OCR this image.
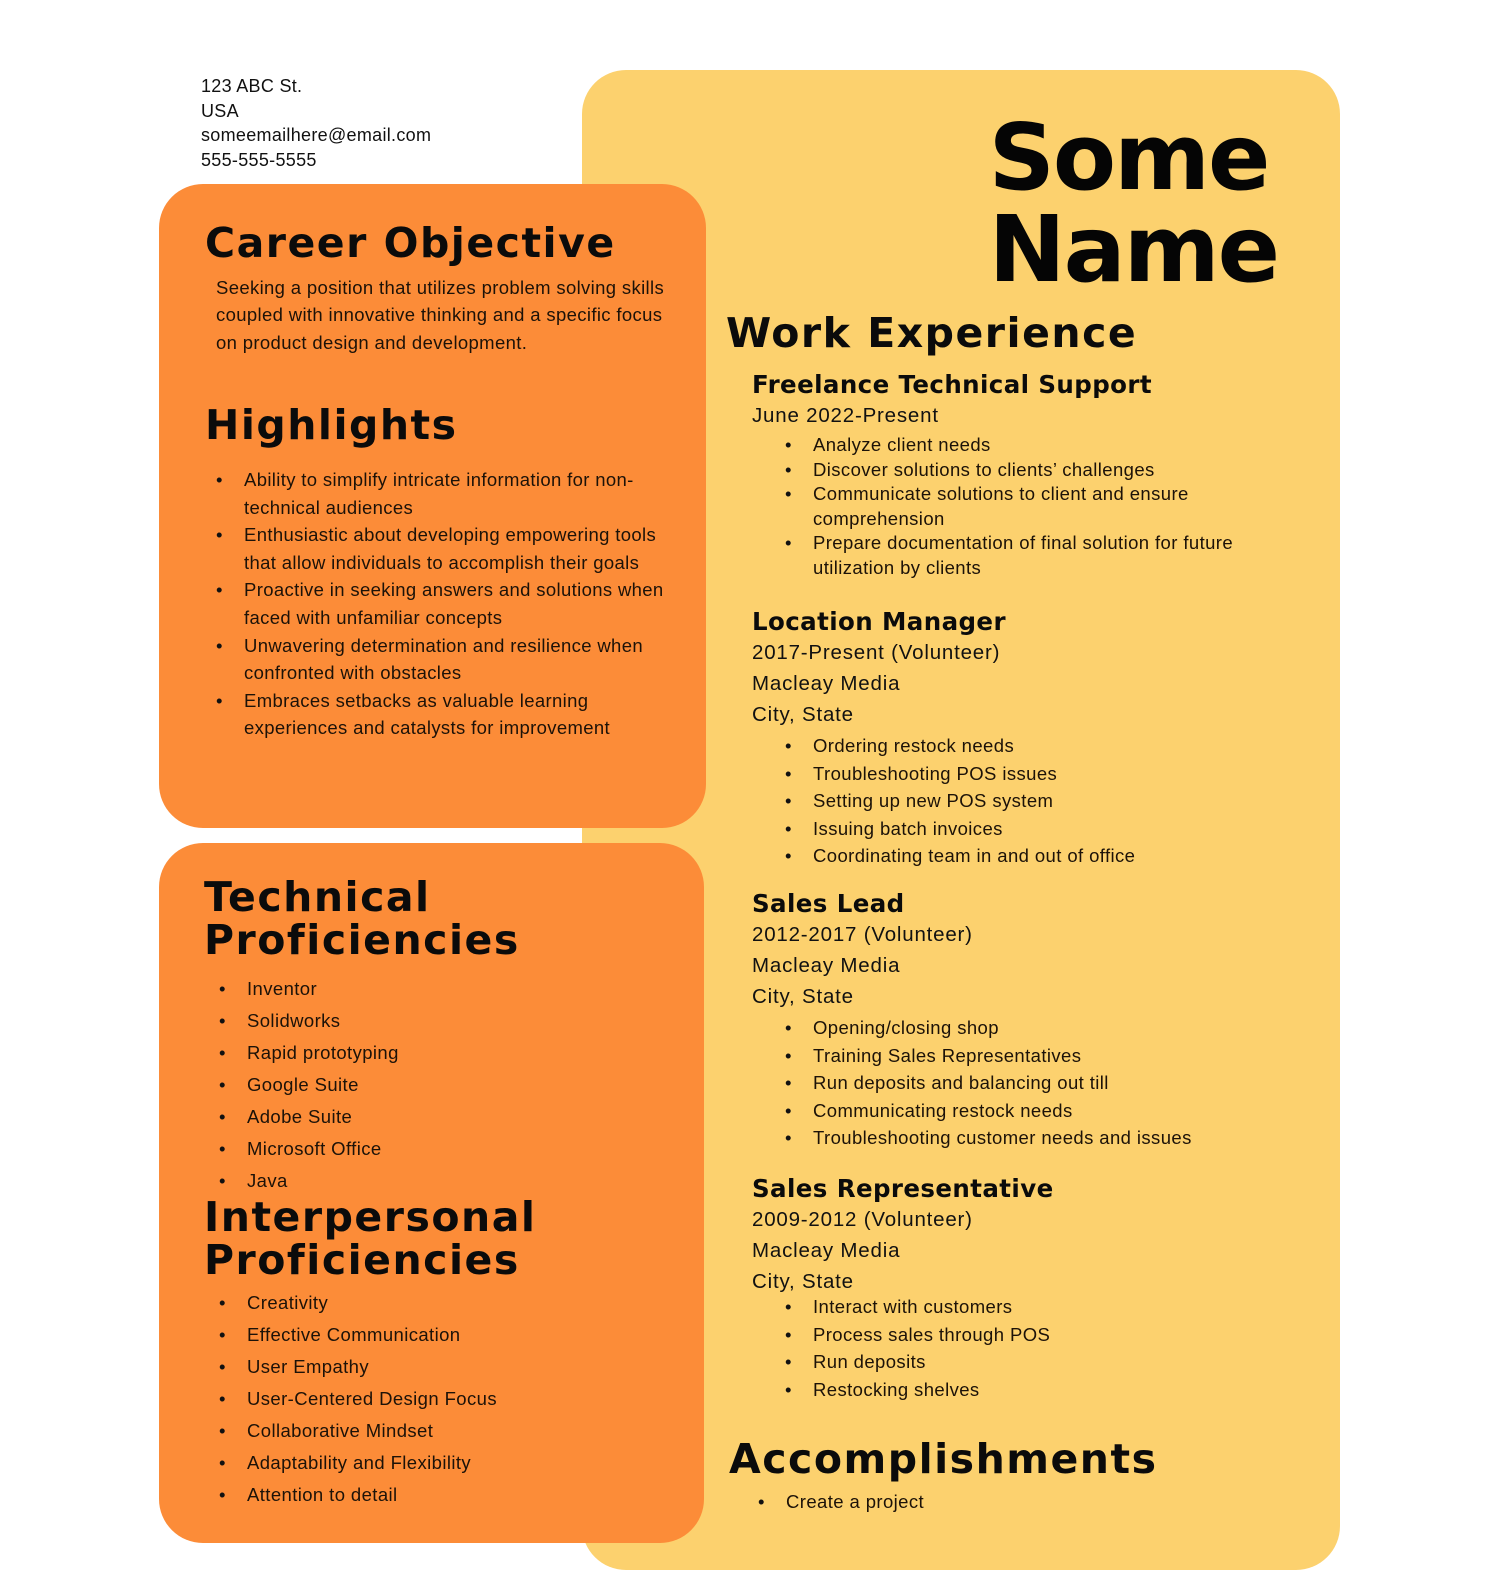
123 ABC St.
USA
someemailhere@email.com
555-555-5555	Some
Name
Career Objective
Seeking a position that utilizes problem solving skills coupled with innovative thinking and a specific focus on product design and development.
Highlights
• Ability to simplify intricate information for non-technical audiences
• Enthusiastic about developing empowering tools that allow individuals to accomplish their goals
• Proactive in seeking answers and solutions when faced with unfamiliar concepts
• Unwavering determination and resilience when confronted with obstacles
• Embraces setbacks as valuable learning experiences and catalysts for improvement
Technical
Proficiencies
• Inventor
• Solidworks
• Rapid prototyping
• Google Suite
• Adobe Suite
• Microsoft Office
• Java
Interpersonal
Proficiencies
• Creativity
• Effective Communication
• User Empathy
• User-Centered Design Focus
• Collaborative Mindset
• Adaptability and Flexibility
• Attention to detail
Work Experience
Freelance Technical Support
June 2022-Present
• Analyze client needs
• Discover solutions to clients’ challenges
• Communicate solutions to client and ensure comprehension
• Prepare documentation of final solution for future utilization by clients
Location Manager
2017-Present (Volunteer)
Macleay Media
City, State
• Ordering restock needs
• Troubleshooting POS issues
• Setting up new POS system
• Issuing batch invoices
• Coordinating team in and out of office
Sales Lead
2012-2017 (Volunteer)
Macleay Media
City, State
• Opening/closing shop
• Training Sales Representatives
• Run deposits and balancing out till
• Communicating restock needs
• Troubleshooting customer needs and issues
Sales Representative
2009-2012 (Volunteer)
Macleay Media
City, State
• Interact with customers
• Process sales through POS
• Run deposits
• Restocking shelves
Accomplishments
• Create a project
